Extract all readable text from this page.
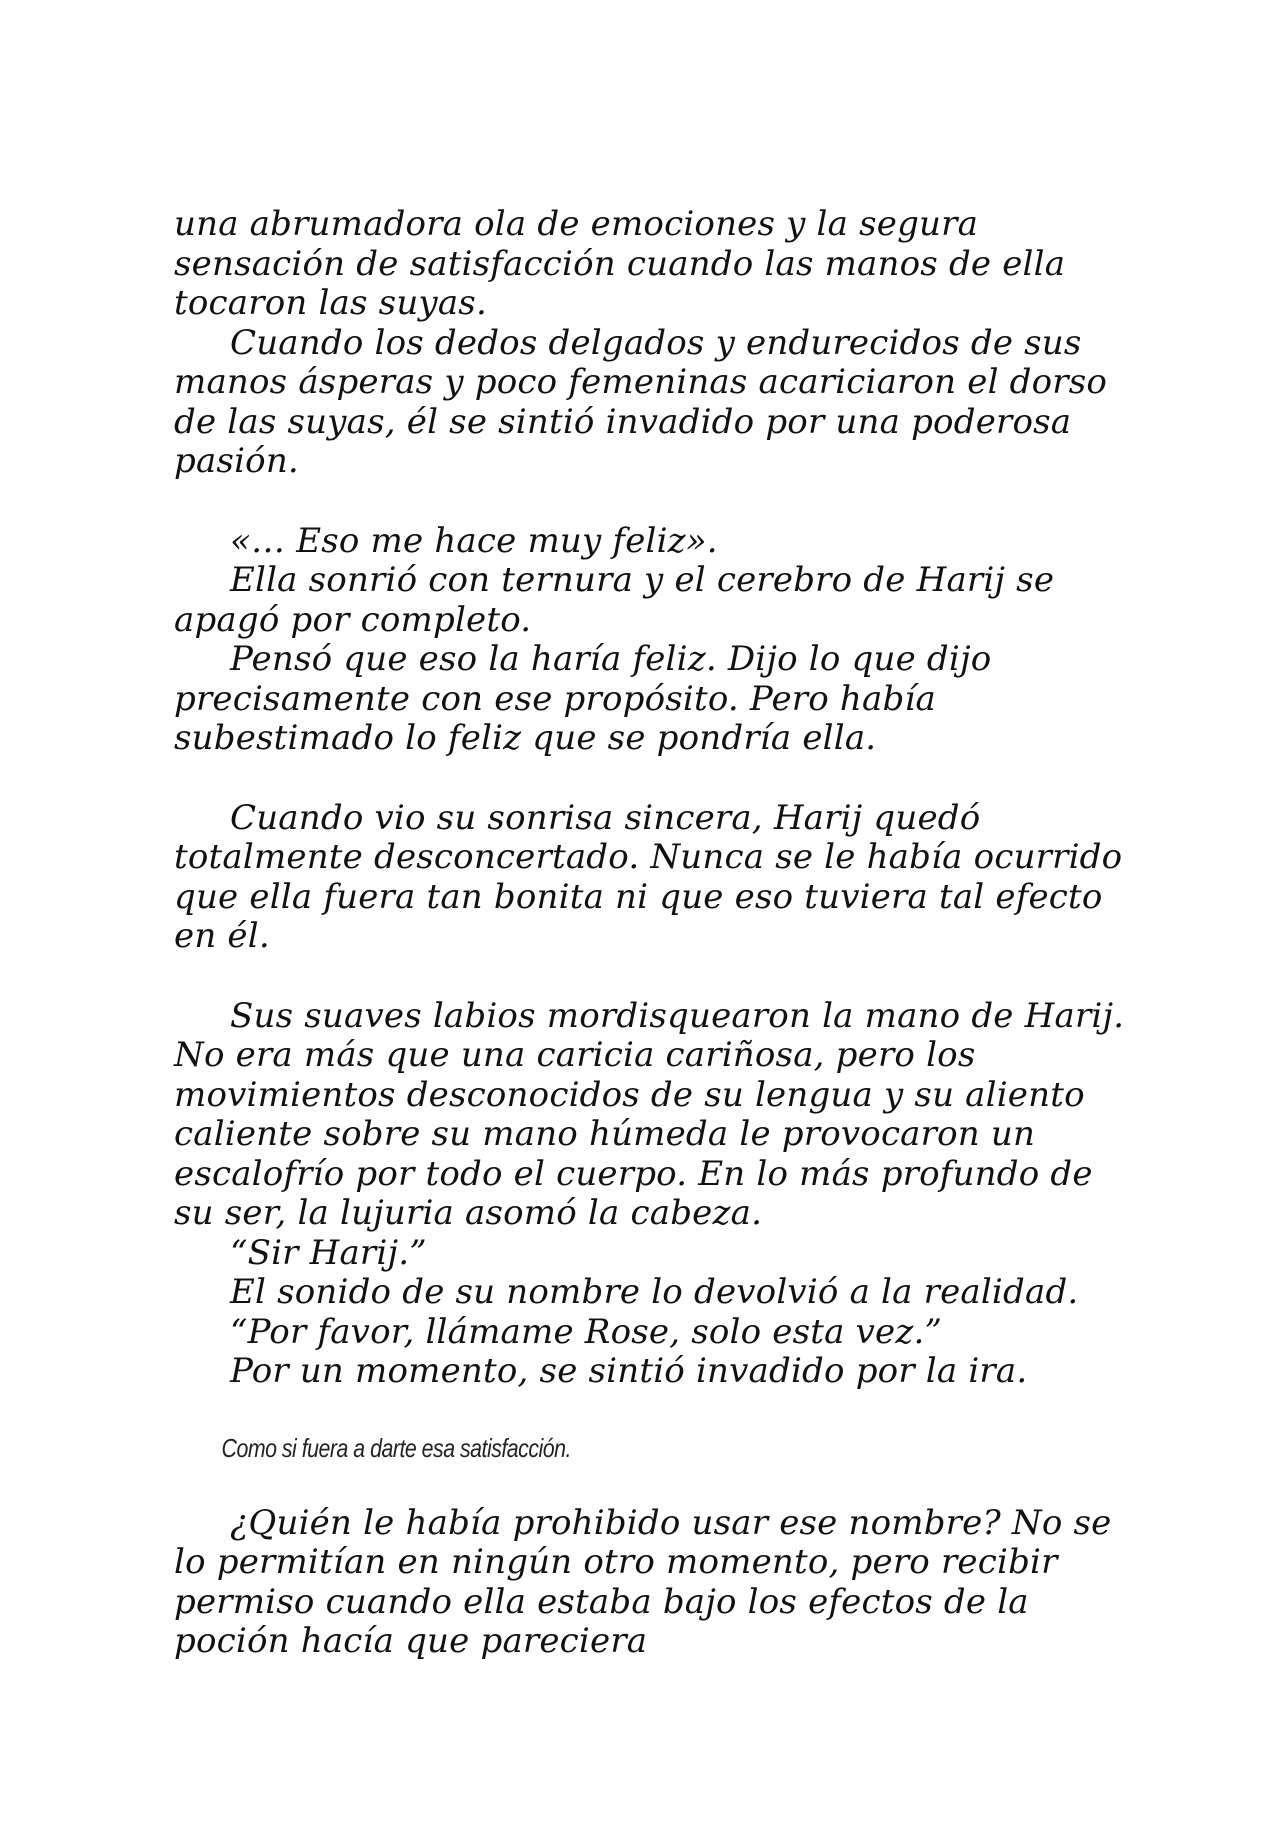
una abrumadora ola de emociones y la segura sensación de satisfacción cuando las manos de ella tocaron las suyas.

Cuando los dedos delgados y endurecidos de sus manos ásperas y poco femeninas acariciaron el dorso de las suyas, él se sintió invadido por una poderosa pasión.

«… Eso me hace muy feliz».

Ella sonrió con ternura y el cerebro de Harij se apagó por completo.

Pensó que eso la haría feliz. Dijo lo que dijo precisamente con ese propósito. Pero había subestimado lo feliz que se pondría ella.

Cuando vio su sonrisa sincera, Harij quedó totalmente desconcertado. Nunca se le había ocurrido que ella fuera tan bonita ni que eso tuviera tal efecto en él.

Sus suaves labios mordisquearon la mano de Harij. No era más que una caricia cariñosa, pero los movimientos desconocidos de su lengua y su aliento caliente sobre su mano húmeda le provocaron un escalofrío por todo el cuerpo. En lo más profundo de su ser, la lujuria asomó la cabeza.

“Sir Harij.”

El sonido de su nombre lo devolvió a la realidad.

“Por favor, llámame Rose, solo esta vez.”

Por un momento, se sintió invadido por la ira.

Como si fuera a darte esa satisfacción.

¿Quién le había prohibido usar ese nombre? No se lo permitían en ningún otro momento, pero recibir permiso cuando ella estaba bajo los efectos de la poción hacía que pareciera
